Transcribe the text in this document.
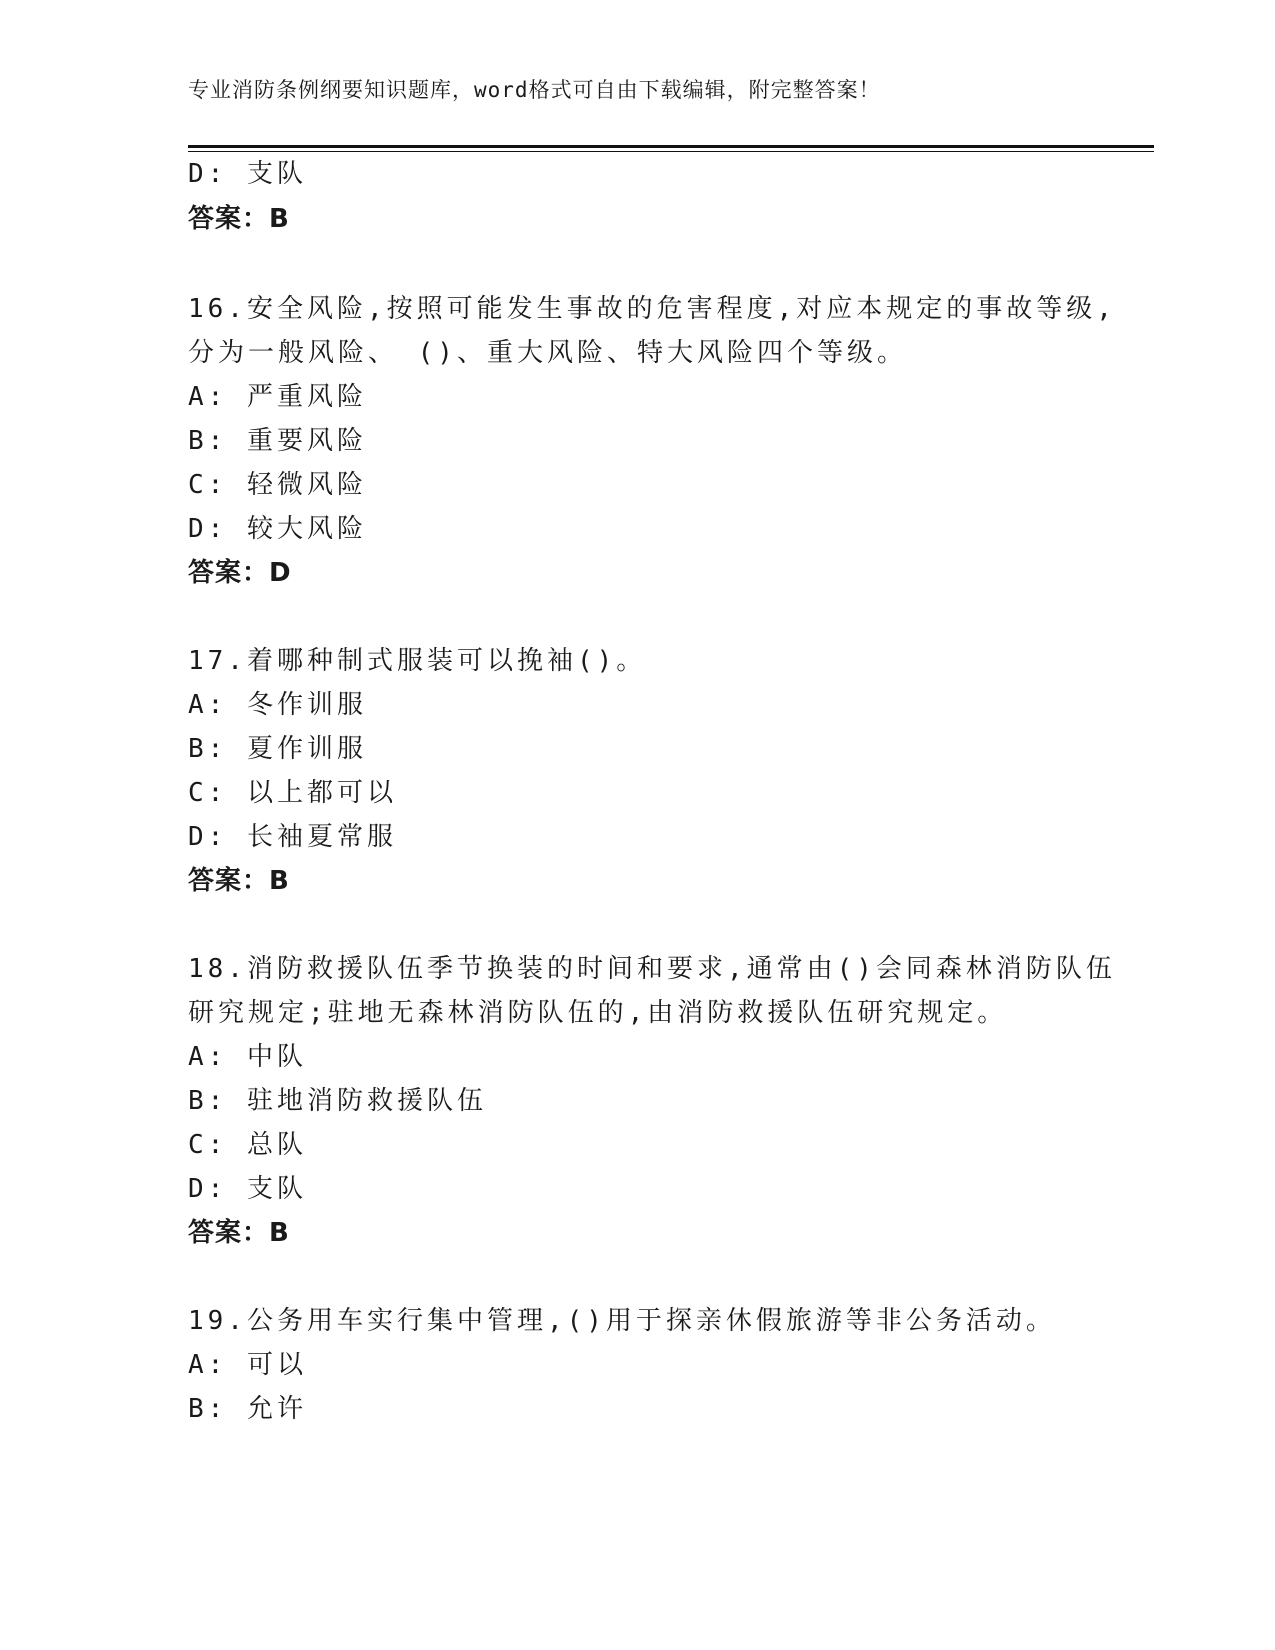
专业消防条例纲要知识题库，word格式可自由下载编辑，附完整答案！
D: 支队
答案：B
16.安全风险,按照可能发生事故的危害程度,对应本规定的事故等级,
分为一般风险、 ()、重大风险、特大风险四个等级。
A: 严重风险
B: 重要风险
C: 轻微风险
D: 较大风险
答案：D
17.着哪种制式服装可以挽袖()。
A: 冬作训服
B: 夏作训服
C: 以上都可以
D: 长袖夏常服
答案：B
18.消防救援队伍季节换装的时间和要求,通常由()会同森林消防队伍
研究规定;驻地无森林消防队伍的,由消防救援队伍研究规定。
A: 中队
B: 驻地消防救援队伍
C: 总队
D: 支队
答案：B
19.公务用车实行集中管理,()用于探亲休假旅游等非公务活动。
A: 可以
B: 允许
